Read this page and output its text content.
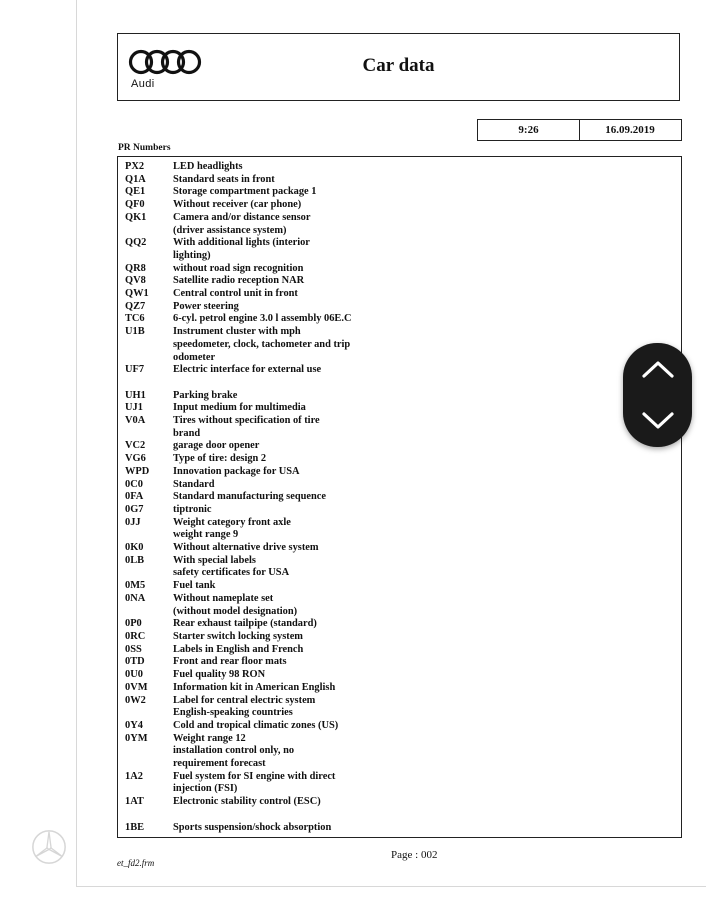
Audi
Car data
9:26	16.09.2019
PR Numbers
PX2	LED headlights
Q1A	Standard seats in front
QE1	Storage compartment package 1
QF0	Without receiver (car phone)
QK1	Camera and/or distance sensor
(driver assistance system)
QQ2	With additional lights (interior
lighting)
QR8	without road sign recognition
QV8	Satellite radio reception NAR
QW1	Central control unit in front
QZ7	Power steering
TC6	6-cyl. petrol engine 3.0 l assembly 06E.C
U1B	Instrument cluster with mph
speedometer, clock, tachometer and trip
odometer
UF7	Electric interface for external use
UH1	Parking brake
UJ1	Input medium for multimedia
V0A	Tires without specification of tire
brand
VC2	garage door opener
VG6	Type of tire: design 2
WPD	Innovation package for USA
0C0	Standard
0FA	Standard manufacturing sequence
0G7	tiptronic
0JJ	Weight category front axle
weight range 9
0K0	Without alternative drive system
0LB	With special labels
safety certificates for USA
0M5	Fuel tank
0NA	Without nameplate set
(without model designation)
0P0	Rear exhaust tailpipe (standard)
0RC	Starter switch locking system
0SS	Labels in English and French
0TD	Front and rear floor mats
0U0	Fuel quality 98 RON
0VM	Information kit in American English
0W2	Label for central electric system
English-speaking countries
0Y4	Cold and tropical climatic zones (US)
0YM	Weight range 12
installation control only, no
requirement forecast
1A2	Fuel system for SI engine with direct
injection (FSI)
1AT	Electronic stability control (ESC)
1BE	Sports suspension/shock absorption
Page : 002
et_fd2.frm
